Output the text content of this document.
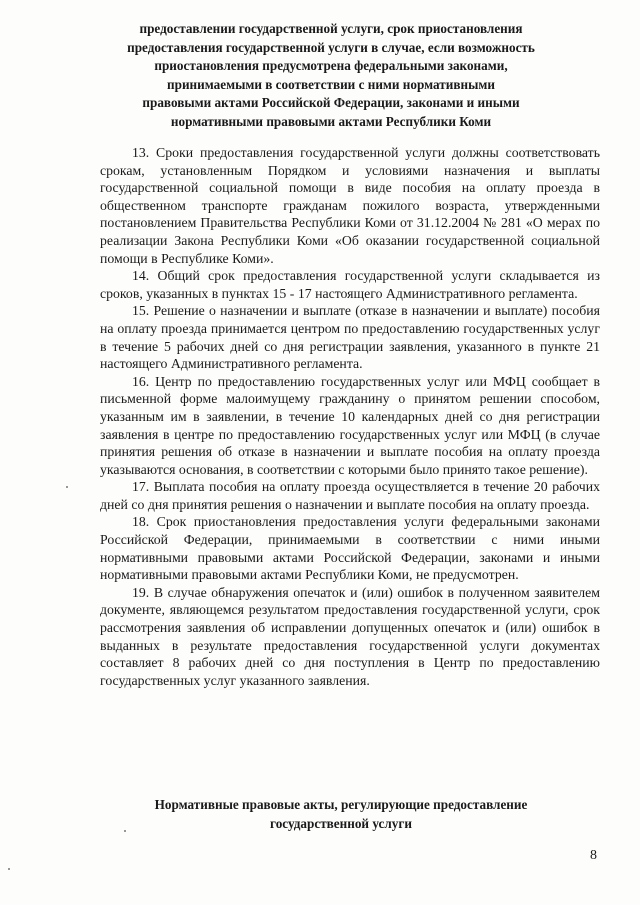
предоставлении государственной услуги, срок приостановления
предоставления государственной услуги в случае, если возможность
приостановления предусмотрена федеральными законами,
принимаемыми в соответствии с ними нормативными
правовыми актами Российской Федерации, законами и иными
нормативными правовыми актами Республики Коми

13. Сроки предоставления государственной услуги должны соответствовать срокам, установленным Порядком и условиями назначения и выплаты государственной социальной помощи в виде пособия на оплату проезда в общественном транспорте гражданам пожилого возраста, утвержденными постановлением Правительства Республики Коми от 31.12.2004 № 281 «О мерах по реализации Закона Республики Коми «Об оказании государственной социальной помощи в Республике Коми».

14. Общий срок предоставления государственной услуги складывается из сроков, указанных в пунктах 15 - 17 настоящего Административного регламента.

15. Решение о назначении и выплате (отказе в назначении и выплате) пособия на оплату проезда принимается центром по предоставлению государственных услуг в течение 5 рабочих дней со дня регистрации заявления, указанного в пункте 21 настоящего Административного регламента.

16. Центр по предоставлению государственных услуг или МФЦ сообщает в письменной форме малоимущему гражданину о принятом решении способом, указанным им в заявлении, в течение 10 календарных дней со дня регистрации заявления в центре по предоставлению государственных услуг или МФЦ (в случае принятия решения об отказе в назначении и выплате пособия на оплату проезда указываются основания, в соответствии с которыми было принято такое решение).

17. Выплата пособия на оплату проезда осуществляется в течение 20 рабочих дней со дня принятия решения о назначении и выплате пособия на оплату проезда.

18. Срок приостановления предоставления услуги федеральными законами Российской Федерации, принимаемыми в соответствии с ними иными нормативными правовыми актами Российской Федерации, законами и иными нормативными правовыми актами Республики Коми, не предусмотрен.

19. В случае обнаружения опечаток и (или) ошибок в полученном заявителем документе, являющемся результатом предоставления государственной услуги, срок рассмотрения заявления об исправлении допущенных опечаток и (или) ошибок в выданных в результате предоставления государственной услуги документах составляет 8 рабочих дней со дня поступления в Центр по предоставлению государственных услуг указанного заявления.

Нормативные правовые акты, регулирующие предоставление
государственной услуги
8
